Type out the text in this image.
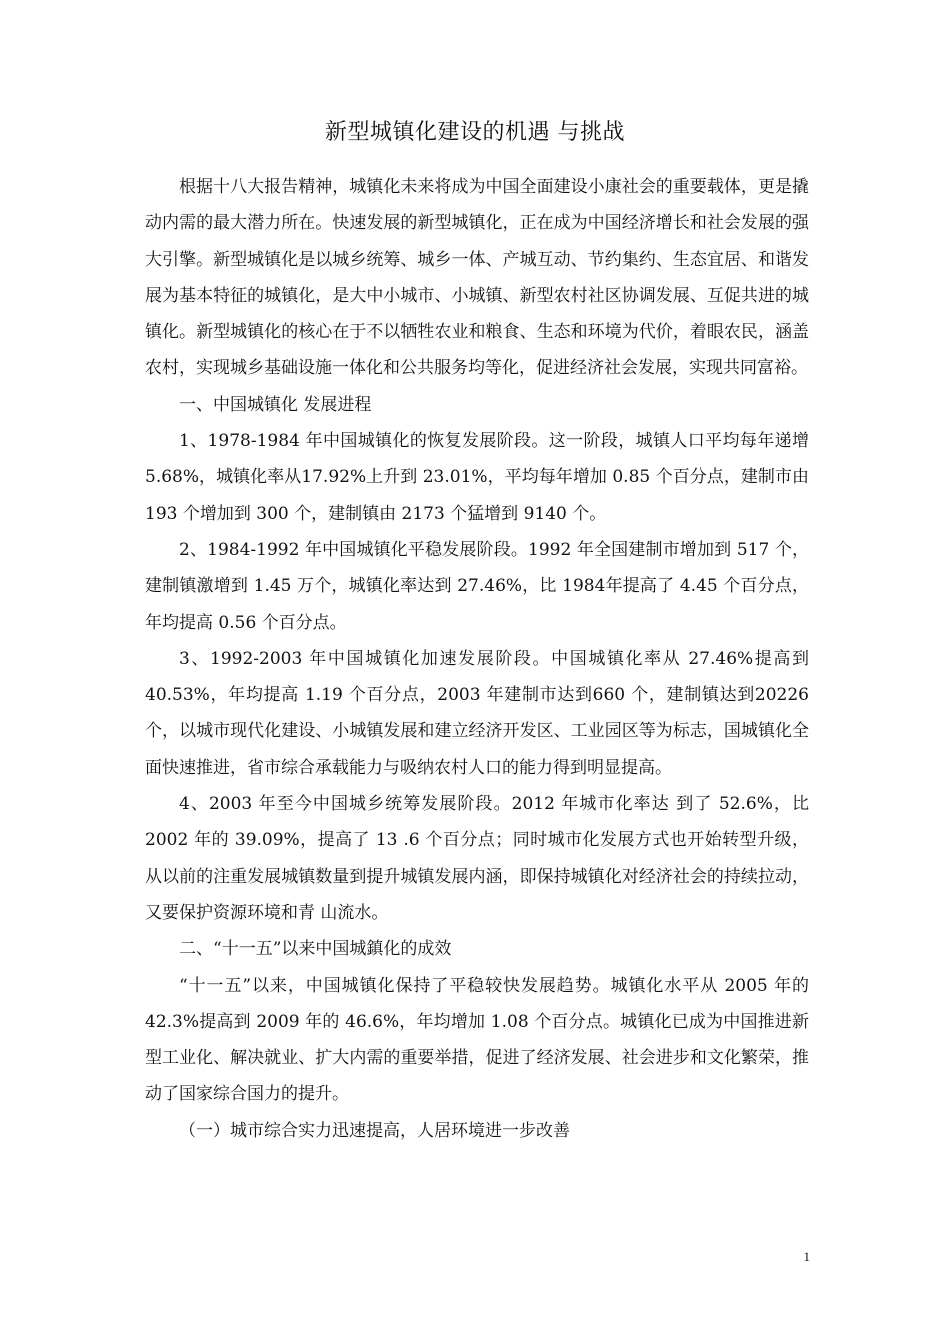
新型城镇化建设的机遇 与挑战

根据十八大报告精神，城镇化未来将成为中国全面建设小康社会的重要载体，更是撬动内需的最大潜力所在。快速发展的新型城镇化，正在成为中国经济增长和社会发展的强大引擎。新型城镇化是以城乡统筹、城乡一体、产城互动、节约集约、生态宜居、和谐发展为基本特征的城镇化，是大中小城市、小城镇、新型农村社区协调发展、互促共进的城镇化。新型城镇化的核心在于不以牺牲农业和粮食、生态和环境为代价，着眼农民，涵盖农村，实现城乡基础设施一体化和公共服务均等化，促进经济社会发展，实现共同富裕。

一、中国城镇化 发展进程

1、1978-1984 年中国城镇化的恢复发展阶段。这一阶段，城镇人口平均每年递增5.68%，城镇化率从17.92%上升到 23.01%，平均每年增加 0.85 个百分点，建制市由 193 个增加到 300 个，建制镇由 2173 个猛增到 9140 个。

2、1984-1992 年中国城镇化平稳发展阶段。1992 年全国建制市增加到 517 个，建制镇激增到 1.45 万个，城镇化率达到 27.46%，比 1984年提高了 4.45 个百分点，年均提高 0.56 个百分点。

3、1992-2003 年中国城镇化加速发展阶段。中国城镇化率从 27.46%提高到 40.53%，年均提高 1.19 个百分点，2003 年建制市达到660 个，建制镇达到20226 个，以城市现代化建设、小城镇发展和建立经济开发区、工业园区等为标志，国城镇化全面快速推进，省市综合承载能力与吸纳农村人口的能力得到明显提高。

4、2003 年至今中国城乡统筹发展阶段。2012 年城市化率达 到了 52.6%，比 2002 年的 39.09%，提高了 13 .6 个百分点；同时城市化发展方式也开始转型升级，从以前的注重发展城镇数量到提升城镇发展内涵，即保持城镇化对经济社会的持续拉动，又要保护资源环境和青 山流水。

二、“十一五”以来中国城鎮化的成效

“十一五”以来，中国城镇化保持了平稳较快发展趋势。城镇化水平从 2005 年的 42.3%提高到 2009 年的 46.6%，年均增加 1.08 个百分点。城镇化已成为中国推进新型工业化、解决就业、扩大内需的重要举措，促进了经济发展、社会进步和文化繁荣，推动了国家综合国力的提升。

（一）城市综合实力迅速提高，人居环境进一步改善

1
